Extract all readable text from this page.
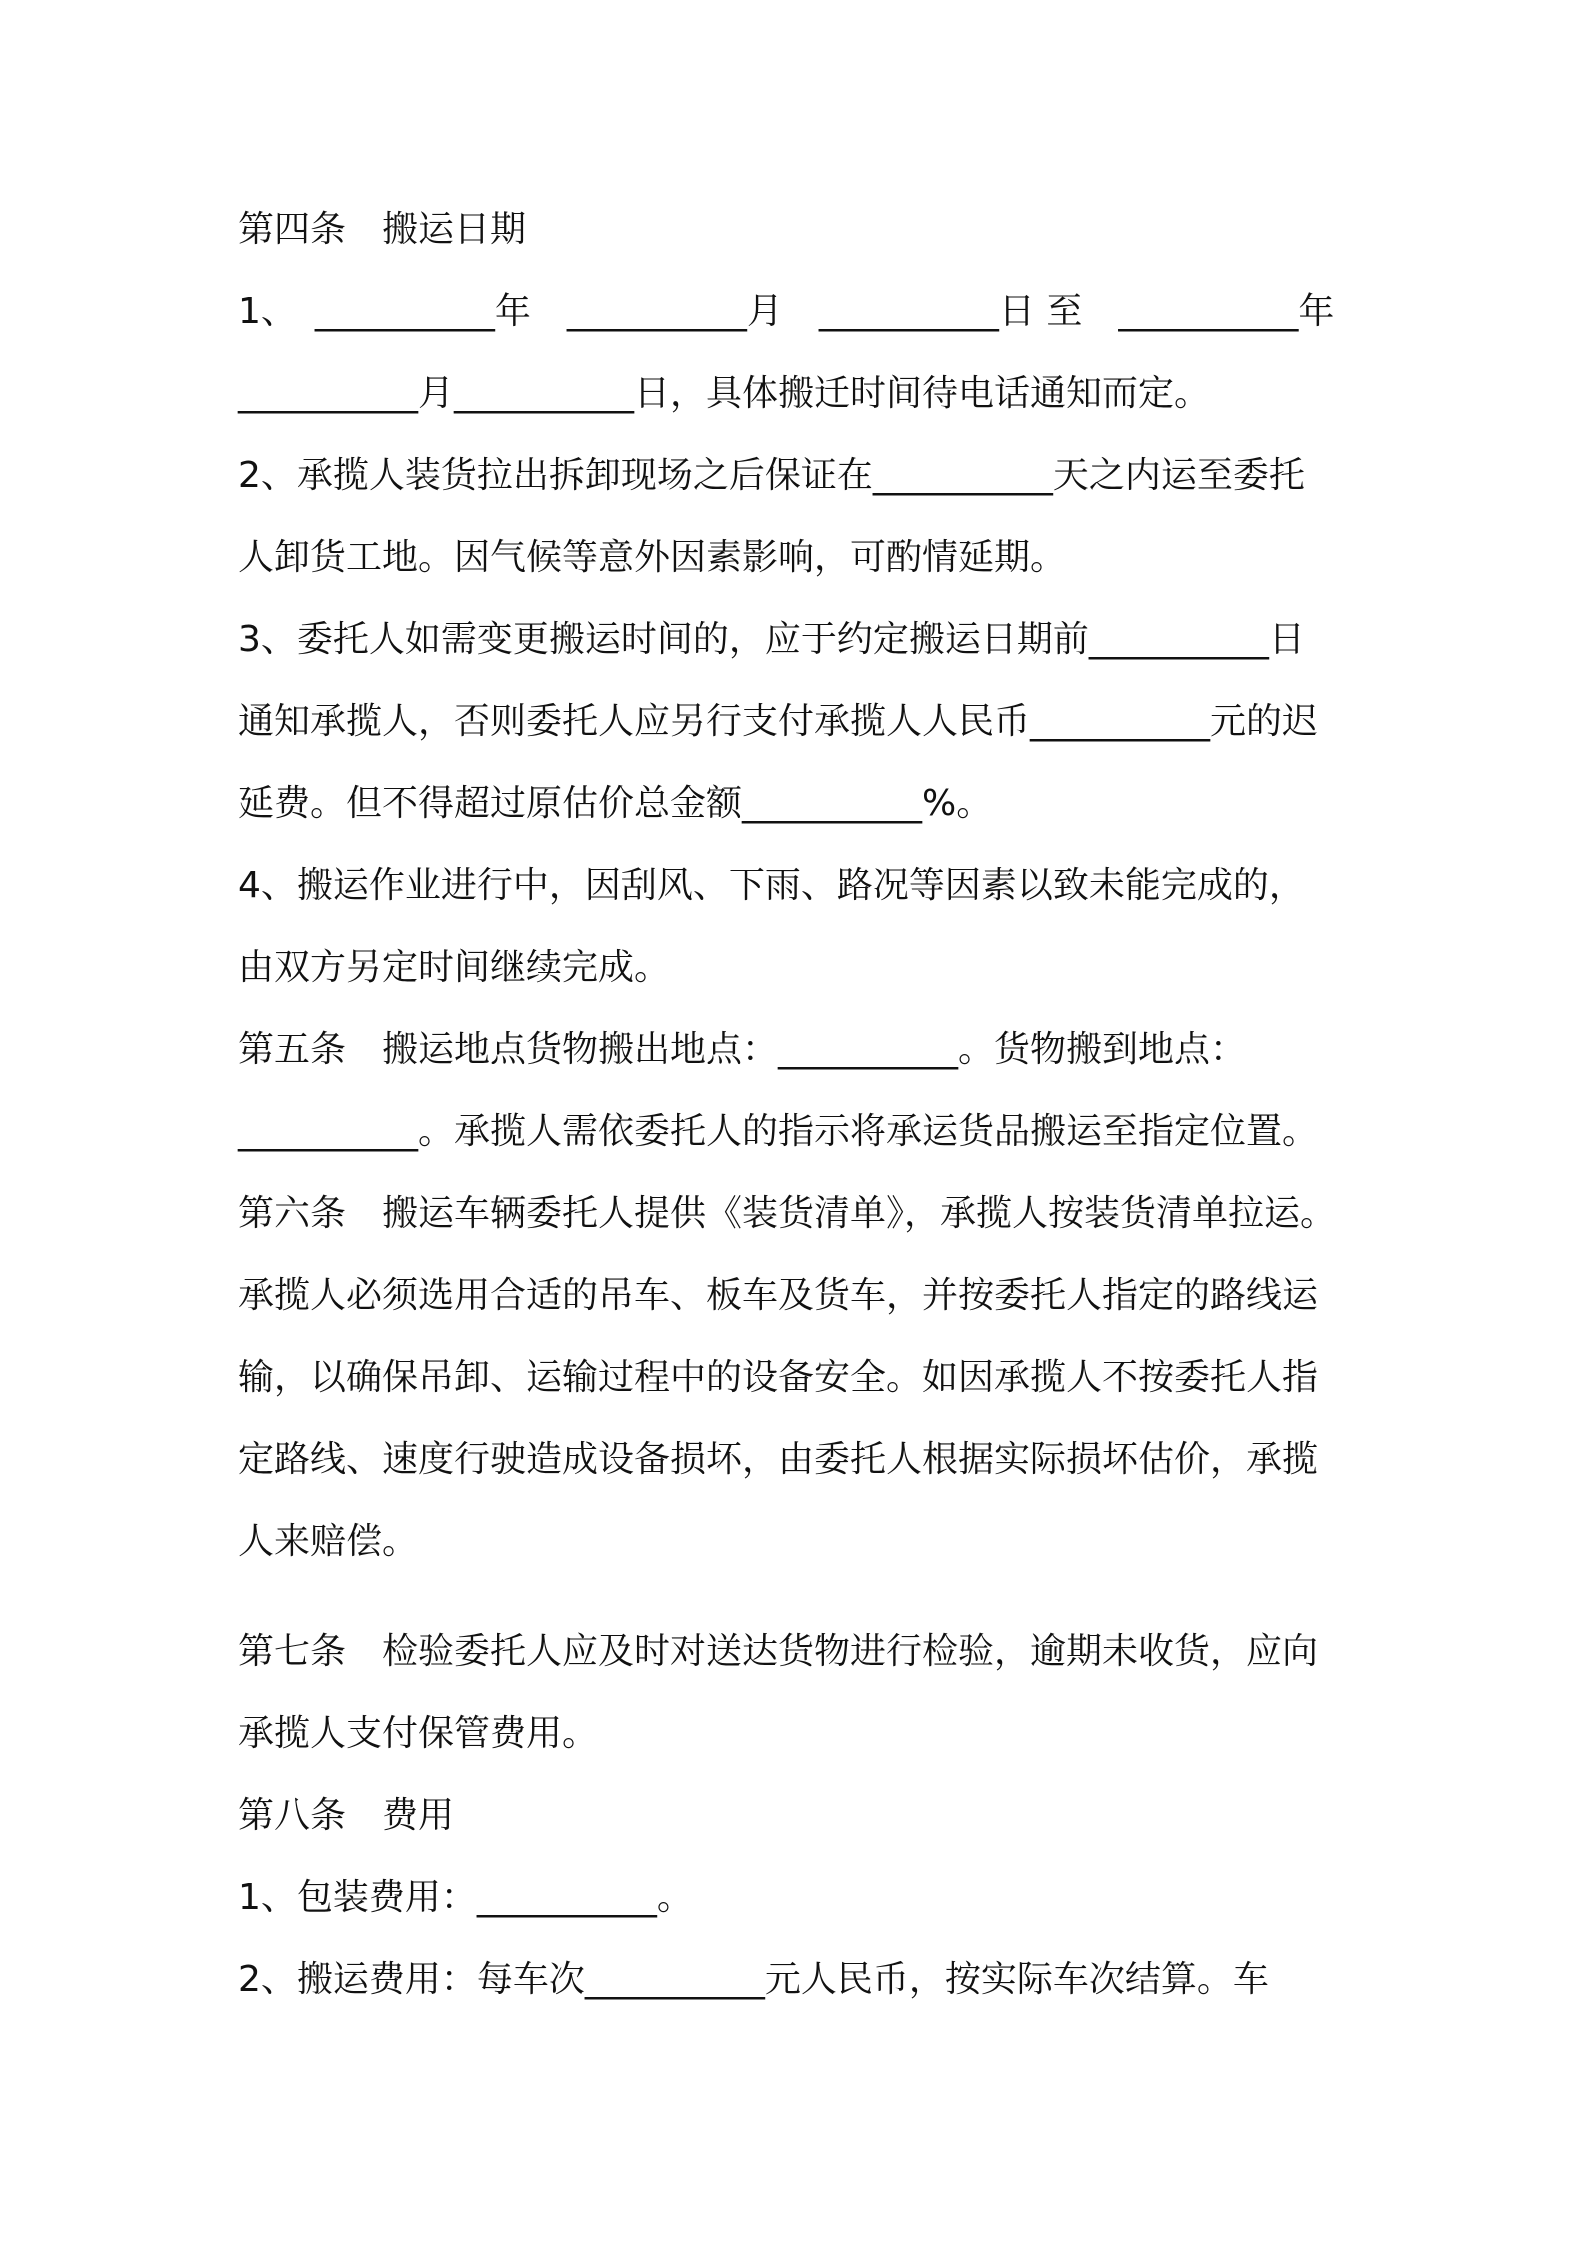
第四条　搬运日期
1、　__________年　__________月　__________日 至　__________年
__________月__________日，具体搬迁时间待电话通知而定。
2、承揽人装货拉出拆卸现场之后保证在__________天之内运至委托
人卸货工地。因气候等意外因素影响，可酌情延期。
3、委托人如需变更搬运时间的，应于约定搬运日期前__________日
通知承揽人，否则委托人应另行支付承揽人人民币__________元的迟
延费。但不得超过原估价总金额__________%。
4、搬运作业进行中，因刮风、下雨、路况等因素以致未能完成的，
由双方另定时间继续完成。
第五条　搬运地点货物搬出地点：__________。货物搬到地点：
__________。承揽人需依委托人的指示将承运货品搬运至指定位置。
第六条　搬运车辆委托人提供《装货清单》，承揽人按装货清单拉运。
承揽人必须选用合适的吊车、板车及货车，并按委托人指定的路线运
输，以确保吊卸、运输过程中的设备安全。如因承揽人不按委托人指
定路线、速度行驶造成设备损坏，由委托人根据实际损坏估价，承揽
人来赔偿。
第七条　检验委托人应及时对送达货物进行检验，逾期未收货，应向
承揽人支付保管费用。
第八条　费用
1、包装费用：__________。
2、搬运费用：每车次__________元人民币，按实际车次结算。车
